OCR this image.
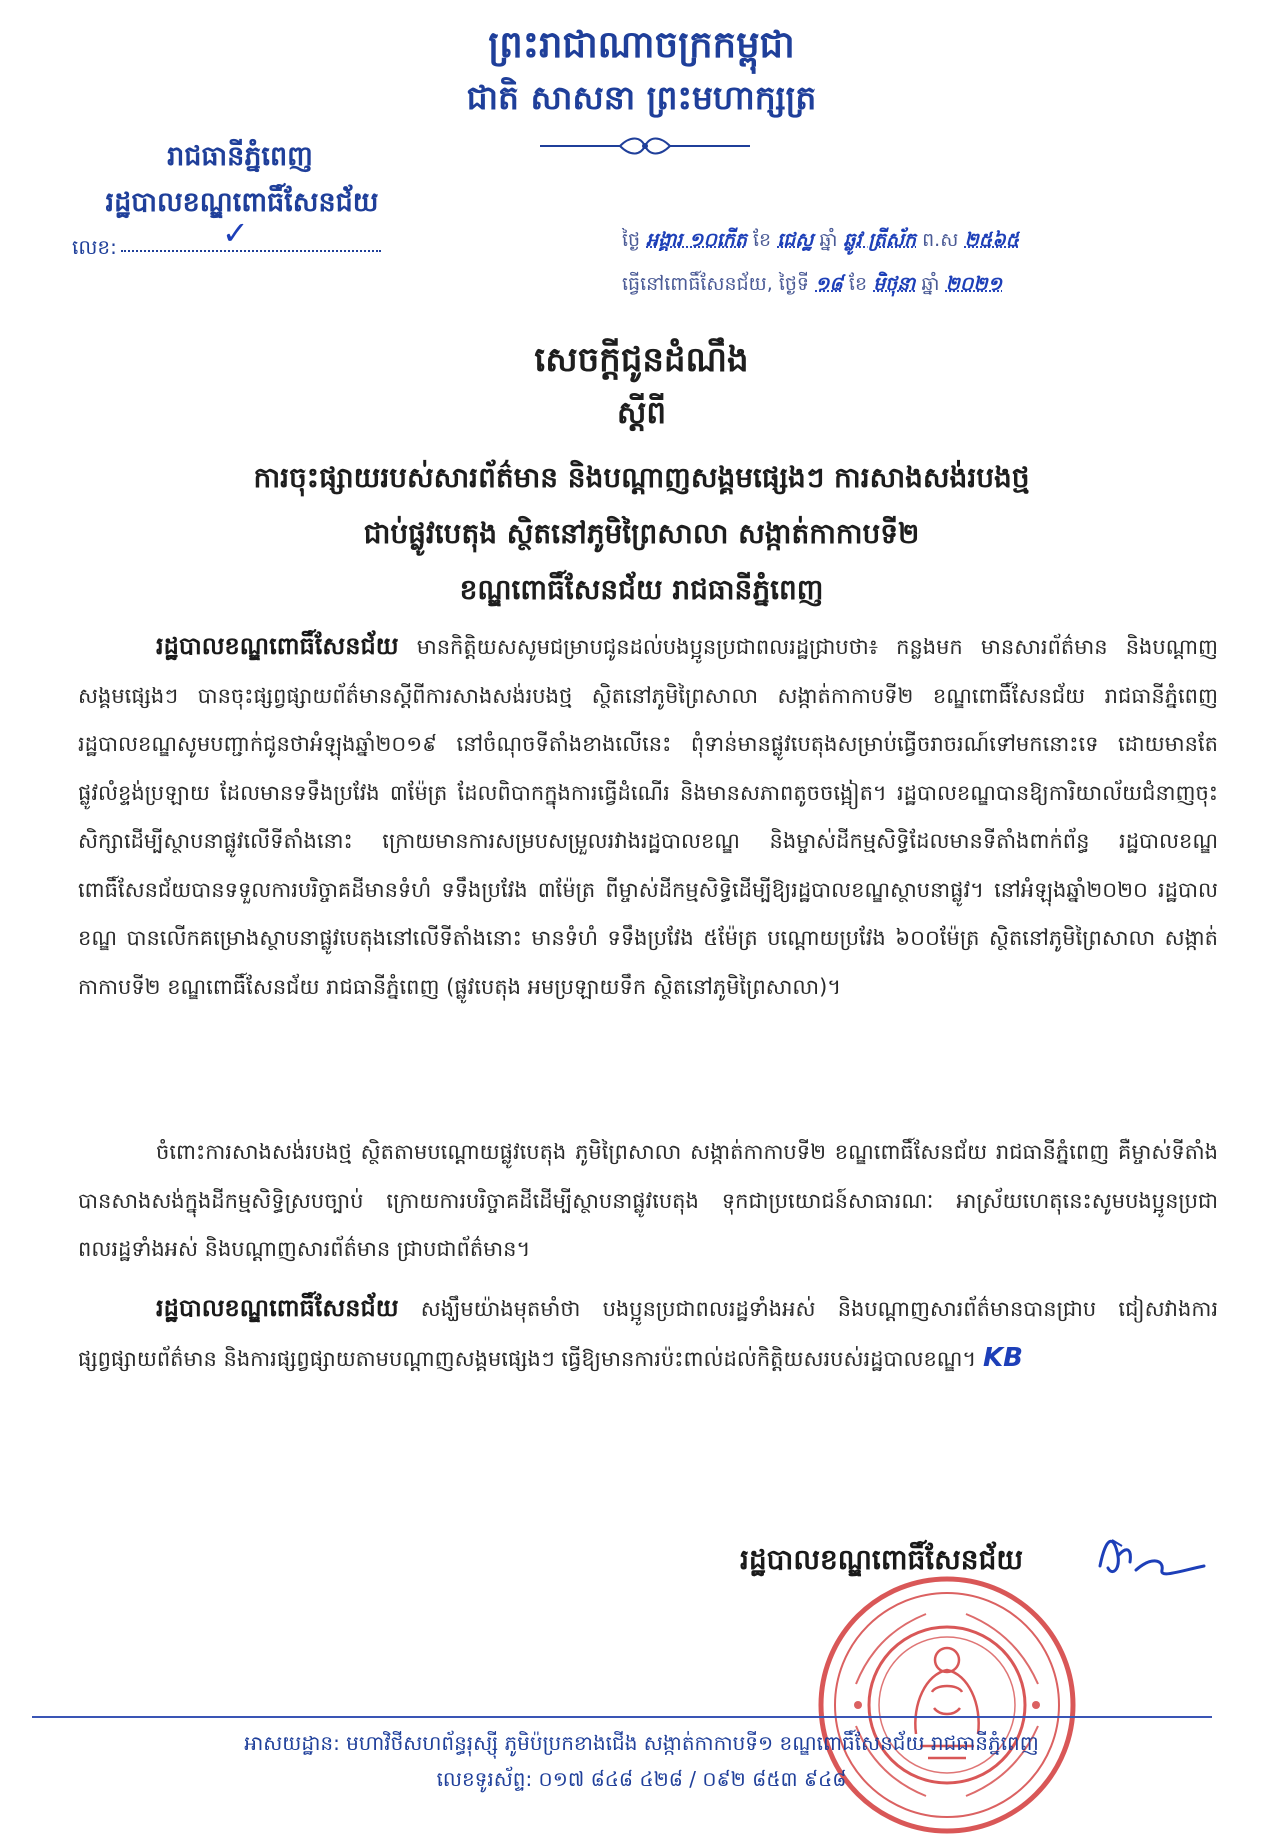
ព្រះរាជាណាចក្រកម្ពុជា
ជាតិ សាសនា ព្រះមហាក្សត្រ
រាជធានីភ្នំពេញ
រដ្ឋបាលខណ្ឌពោធិ៍សែនជ័យ
លេខ:	✓	ថ្ងៃ អង្គារ ១០កើត ខែ ជេស្ឋ ឆ្នាំ ឆ្លូវ ត្រីស័ក ព.ស ២៥៦៥
ធ្វើនៅពោធិ៍សែនជ័យ, ថ្ងៃទី ១៨ ខែ មិថុនា ឆ្នាំ ២០២១
សេចក្តីជូនដំណឹង
ស្តីពី
ការចុះផ្សាយរបស់សារព័ត៌មាន និងបណ្តាញសង្គមផ្សេងៗ ការសាងសង់របងថ្ម
ជាប់ផ្លូវបេតុង ស្ថិតនៅភូមិព្រៃសាលា សង្កាត់កាកាបទី២
ខណ្ឌពោធិ៍សែនជ័យ រាជធានីភ្នំពេញ
រដ្ឋបាលខណ្ឌពោធិ៍សែនជ័យ មានកិត្តិយសសូមជម្រាបជូនដល់បងប្អូនប្រជាពលរដ្ឋជ្រាបថា៖ កន្លងមក មានសារព័ត៌មាន និងបណ្តាញសង្គមផ្សេងៗ បានចុះផ្សព្វផ្សាយព័ត៌មានស្តីពីការសាងសង់របងថ្ម ស្ថិតនៅភូមិព្រៃសាលា សង្កាត់កាកាបទី២ ខណ្ឌពោធិ៍សែនជ័យ រាជធានីភ្នំពេញ រដ្ឋបាលខណ្ឌសូមបញ្ជាក់ជូនថាអំឡុងឆ្នាំ២០១៩ នៅចំណុចទីតាំងខាងលើនេះ ពុំទាន់មានផ្លូវបេតុងសម្រាប់ធ្វើចរាចរណ៍ទៅមកនោះទេ ដោយមានតែផ្លូវលំខ្ទង់ប្រឡាយ ដែលមានទទឹងប្រវែង ៣ម៉ែត្រ ដែលពិបាកក្នុងការធ្វើដំណើរ និងមានសភាពតូចចង្អៀត។ រដ្ឋបាលខណ្ឌបានឱ្យការិយាល័យជំនាញចុះសិក្សាដើម្បីស្ថាបនាផ្លូវលើទីតាំងនោះ ក្រោយមានការសម្របសម្រួលរវាងរដ្ឋបាលខណ្ឌ និងម្ចាស់ដីកម្មសិទ្ធិដែលមានទីតាំងពាក់ព័ន្ធ រដ្ឋបាលខណ្ឌពោធិ៍សែនជ័យបានទទួលការបរិច្ចាគដីមានទំហំ ទទឹងប្រវែង ៣ម៉ែត្រ ពីម្ចាស់ដីកម្មសិទ្ធិដើម្បីឱ្យរដ្ឋបាលខណ្ឌស្ថាបនាផ្លូវ។ នៅអំឡុងឆ្នាំ២០២០ រដ្ឋបាលខណ្ឌ បានលើកគម្រោងស្ថាបនាផ្លូវបេតុងនៅលើទីតាំងនោះ មានទំហំ ទទឹងប្រវែង ៥ម៉ែត្រ បណ្តោយប្រវែង ៦០០ម៉ែត្រ ស្ថិតនៅភូមិព្រៃសាលា សង្កាត់កាកាបទី២ ខណ្ឌពោធិ៍សែនជ័យ រាជធានីភ្នំពេញ (ផ្លូវបេតុង អមប្រឡាយទឹក ស្ថិតនៅភូមិព្រៃសាលា)។
ចំពោះការសាងសង់របងថ្ម ស្ថិតតាមបណ្តោយផ្លូវបេតុង ភូមិព្រៃសាលា សង្កាត់កាកាបទី២ ខណ្ឌពោធិ៍សែនជ័យ រាជធានីភ្នំពេញ គឺម្ចាស់ទីតាំងបានសាងសង់ក្នុងដីកម្មសិទ្ធិស្របច្បាប់ ក្រោយការបរិច្ចាគដីដើម្បីស្ថាបនាផ្លូវបេតុង ទុកជាប្រយោជន៍សាធារណៈ អាស្រ័យហេតុនេះសូមបងប្អូនប្រជាពលរដ្ឋទាំងអស់ និងបណ្តាញសារព័ត៌មាន ជ្រាបជាព័ត៌មាន។
រដ្ឋបាលខណ្ឌពោធិ៍សែនជ័យ សង្ឃឹមយ៉ាងមុតមាំថា បងប្អូនប្រជាពលរដ្ឋទាំងអស់ និងបណ្តាញសារព័ត៌មានបានជ្រាប ជៀសវាងការផ្សព្វផ្សាយព័ត៌មាន និងការផ្សព្វផ្សាយតាមបណ្តាញសង្គមផ្សេងៗ ធ្វើឱ្យមានការប៉ះពាល់ដល់កិត្តិយសរបស់រដ្ឋបាលខណ្ឌ។ KB
រដ្ឋបាលខណ្ឌពោធិ៍សែនជ័យ
អាសយដ្ឋាន: មហាវិថីសហព័ន្ធរុស្ស៊ី ភូមិប៉ប្រកខាងជើង សង្កាត់កាកាបទី១ ខណ្ឌពោធិ៍សែនជ័យ រាជធានីភ្នំពេញ
លេខទូរស័ព្ទ: ០១៧ ៨៤៨ ៤២៨ / ០៩២ ៨៥៣ ៩៤៨
